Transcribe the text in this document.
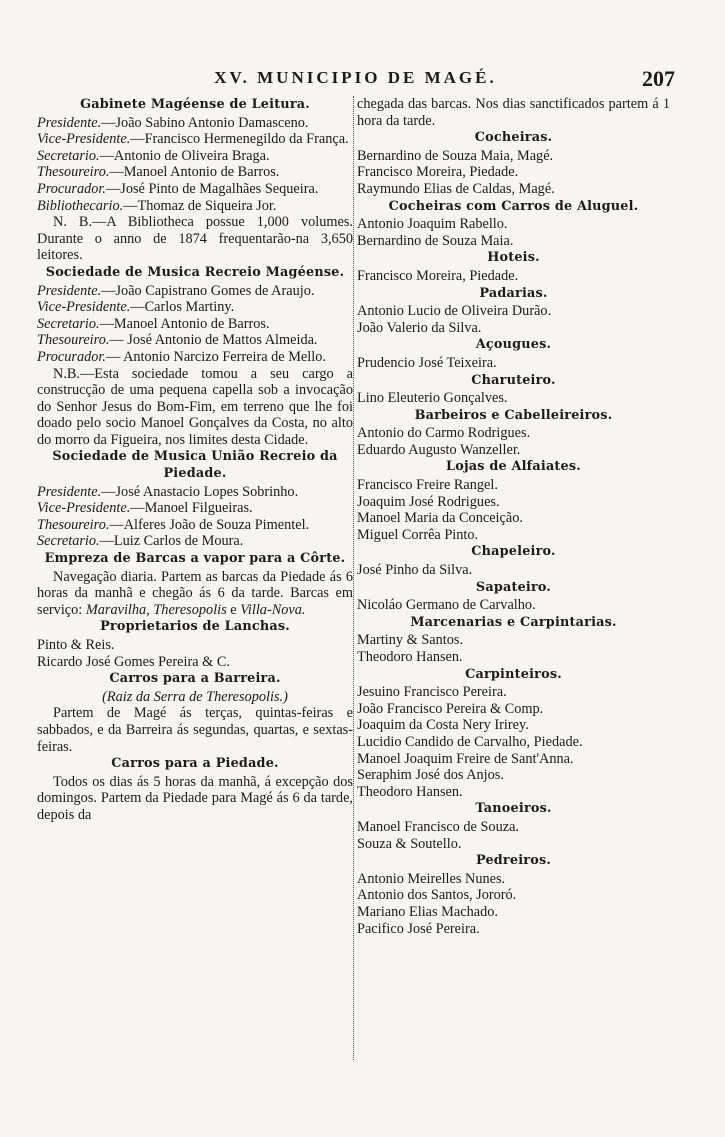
XV. MUNICIPIO DE MAGÉ.	207

Gabinete Magéense de Leitura.

Presidente.—João Sabino Antonio Damasceno.

Vice-Presidente.—Francisco Hermenegildo da França.

Secretario.—Antonio de Oliveira Braga.

Thesoureiro.—Manoel Antonio de Barros.

Procurador.—José Pinto de Magalhães Sequeira.

Bibliothecario.—Thomaz de Siqueira Jor.

N. B.—A Bibliotheca possue 1,000 volumes. Durante o anno de 1874 frequentarão-na 3,650 leitores.

Sociedade de Musica Recreio Magéense.

Presidente.—João Capistrano Gomes de Araujo.

Vice-Presidente.—Carlos Martiny.

Secretario.—Manoel Antonio de Barros.

Thesoureiro.— José Antonio de Mattos Almeida.

Procurador.— Antonio Narcizo Ferreira de Mello.

N.B.—Esta sociedade tomou a seu cargo a construcção de uma pequena capella sob a invocação do Senhor Jesus do Bom-Fim, em terreno que lhe foi doado pelo socio Manoel Gonçalves da Costa, no alto do morro da Figueira, nos limites desta Cidade.

Sociedade de Musica União Recreio da Piedade.

Presidente.—José Anastacio Lopes Sobrinho.

Vice-Presidente.—Manoel Filgueiras.

Thesoureiro.—Alferes João de Souza Pimentel.

Secretario.—Luiz Carlos de Moura.

Empreza de Barcas a vapor para a Côrte.

Navegação diaria. Partem as barcas da Piedade ás 6 horas da manhã e chegão ás 6 da tarde. Barcas em serviço: Maravilha, Theresopolis e Villa-Nova.

Proprietarios de Lanchas.

Pinto & Reis.

Ricardo José Gomes Pereira & C.

Carros para a Barreira.

(Raiz da Serra de Theresopolis.)

Partem de Magé ás terças, quintas-feiras e sabbados, e da Barreira ás segundas, quartas, e sextas-feiras.

Carros para a Piedade.

Todos os dias ás 5 horas da manhã, á excepção dos domingos. Partem da Piedade para Magé ás 6 da tarde, depois da

chegada das barcas. Nos dias sanctificados partem á 1 hora da tarde.

Cocheiras.

Bernardino de Souza Maia, Magé.

Francisco Moreira, Piedade.

Raymundo Elias de Caldas, Magé.

Cocheiras com Carros de Aluguel.

Antonio Joaquim Rabello.

Bernardino de Souza Maia.

Hoteis.

Francisco Moreira, Piedade.

Padarias.

Antonio Lucio de Oliveira Durão.

João Valerio da Silva.

Açougues.

Prudencio José Teixeira.

Charuteiro.

Lino Eleuterio Gonçalves.

Barbeiros e Cabelleireiros.

Antonio do Carmo Rodrigues.

Eduardo Augusto Wanzeller.

Lojas de Alfaiates.

Francisco Freire Rangel.

Joaquim José Rodrigues.

Manoel Maria da Conceição.

Miguel Corrêa Pinto.

Chapeleiro.

José Pinho da Silva.

Sapateiro.

Nicoláo Germano de Carvalho.

Marcenarias e Carpintarias.

Martiny & Santos.

Theodoro Hansen.

Carpinteiros.

Jesuino Francisco Pereira.

João Francisco Pereira & Comp.

Joaquim da Costa Nery Irirey.

Lucidio Candido de Carvalho, Piedade.

Manoel Joaquim Freire de Sant'Anna.

Seraphim José dos Anjos.

Theodoro Hansen.

Tanoeiros.

Manoel Francisco de Souza.

Souza & Soutello.

Pedreiros.

Antonio Meirelles Nunes.

Antonio dos Santos, Jororó.

Mariano Elias Machado.

Pacifico José Pereira.
